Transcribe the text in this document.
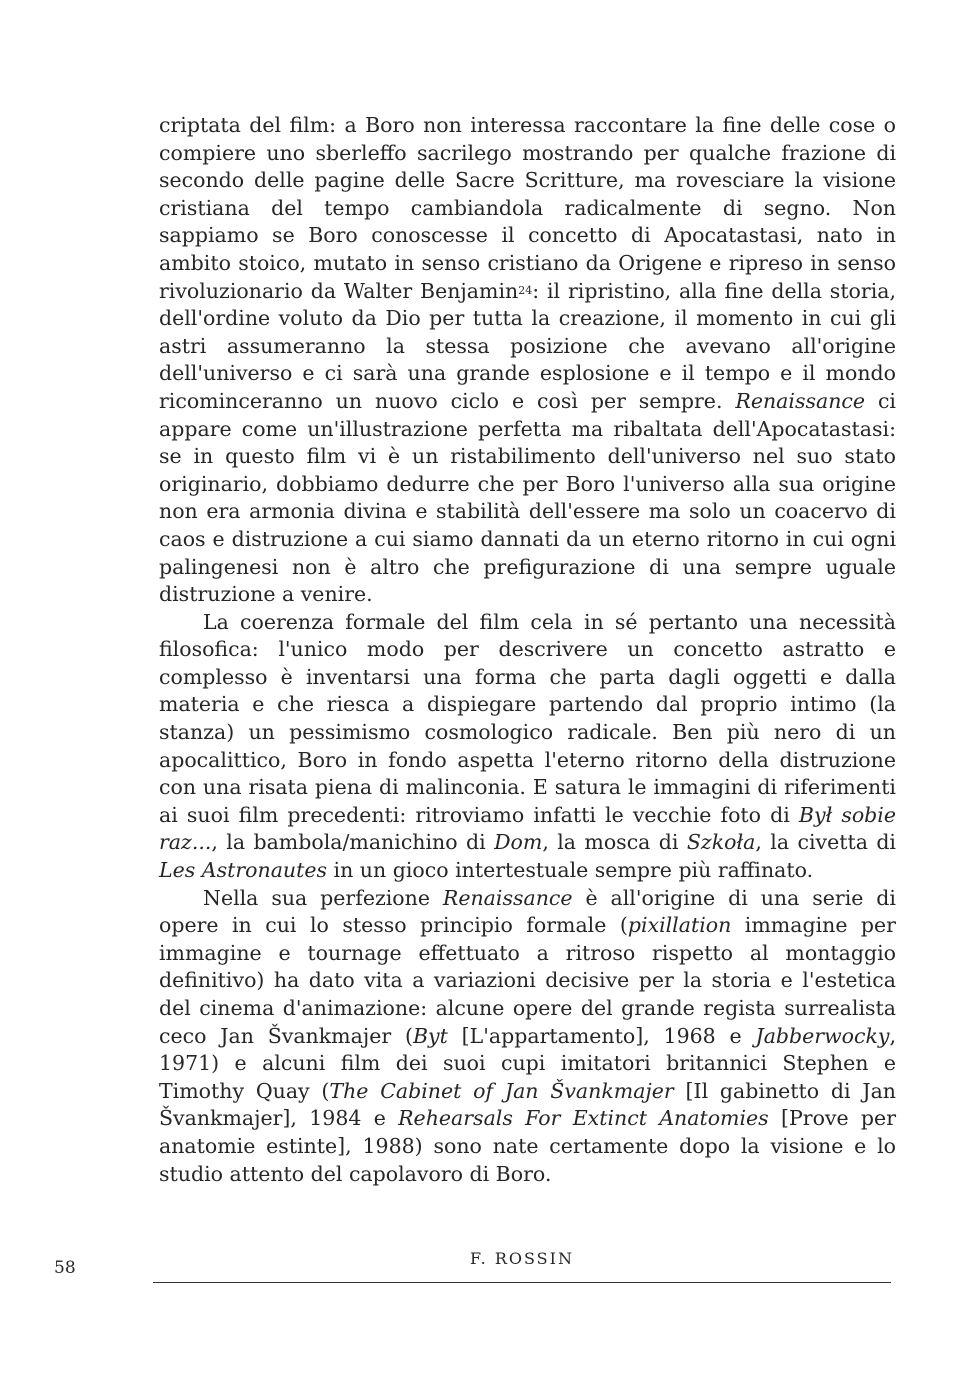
criptata del film: a Boro non interessa raccontare la fine delle cose o compiere uno sberleffo sacrilego mostrando per qualche frazione di secondo delle pagine delle Sacre Scritture, ma rovesciare la visione cristiana del tempo cambiandola radicalmente di segno. Non sappiamo se Boro conoscesse il concetto di Apocatastasi, nato in ambito stoico, mutato in senso cristiano da Origene e ripreso in senso rivoluzionario da Walter Benjamin$^{24}$: il ripristino, alla fine della storia, dell'ordine voluto da Dio per tutta la creazione, il momento in cui gli astri assumeranno la stessa posizione che avevano all'origine dell'universo e ci sarà una grande esplosione e il tempo e il mondo ricominceranno un nuovo ciclo e così per sempre. Renaissance ci appare come un'illustrazione perfetta ma ribaltata dell'Apocatastasi: se in questo film vi è un ristabilimento dell'universo nel suo stato originario, dobbiamo dedurre che per Boro l'universo alla sua origine non era armonia divina e stabilità dell'essere ma solo un coacervo di caos e distruzione a cui siamo dannati da un eterno ritorno in cui ogni palingenesi non è altro che prefigurazione di una sempre uguale distruzione a venire.

La coerenza formale del film cela in sé pertanto una necessità filosofica: l'unico modo per descrivere un concetto astratto e complesso è inventarsi una forma che parta dagli oggetti e dalla materia e che riesca a dispiegare partendo dal proprio intimo (la stanza) un pessimismo cosmologico radicale. Ben più nero di un apocalittico, Boro in fondo aspetta l'eterno ritorno della distruzione con una risata piena di malinconia. E satura le immagini di riferimenti ai suoi film precedenti: ritroviamo infatti le vecchie foto di Był sobie raz..., la bambola/manichino di Dom, la mosca di Szkoła, la civetta di Les Astronautes in un gioco intertestuale sempre più raffinato.

Nella sua perfezione Renaissance è all'origine di una serie di opere in cui lo stesso principio formale (pixillation immagine per immagine e tournage effettuato a ritroso rispetto al montaggio definitivo) ha dato vita a variazioni decisive per la storia e l'estetica del cinema d'animazione: alcune opere del grande regista surrealista ceco Jan Švankmajer (Byt [L'appartamento], 1968 e Jabberwocky, 1971) e alcuni film dei suoi cupi imitatori britannici Stephen e Timothy Quay (The Cabinet of Jan Švankmajer [Il gabinetto di Jan Švankmajer], 1984 e Rehearsals For Extinct Anatomies [Prove per anatomie estinte], 1988) sono nate certamente dopo la visione e lo studio attento del capolavoro di Boro.

58	F. ROSSIN
